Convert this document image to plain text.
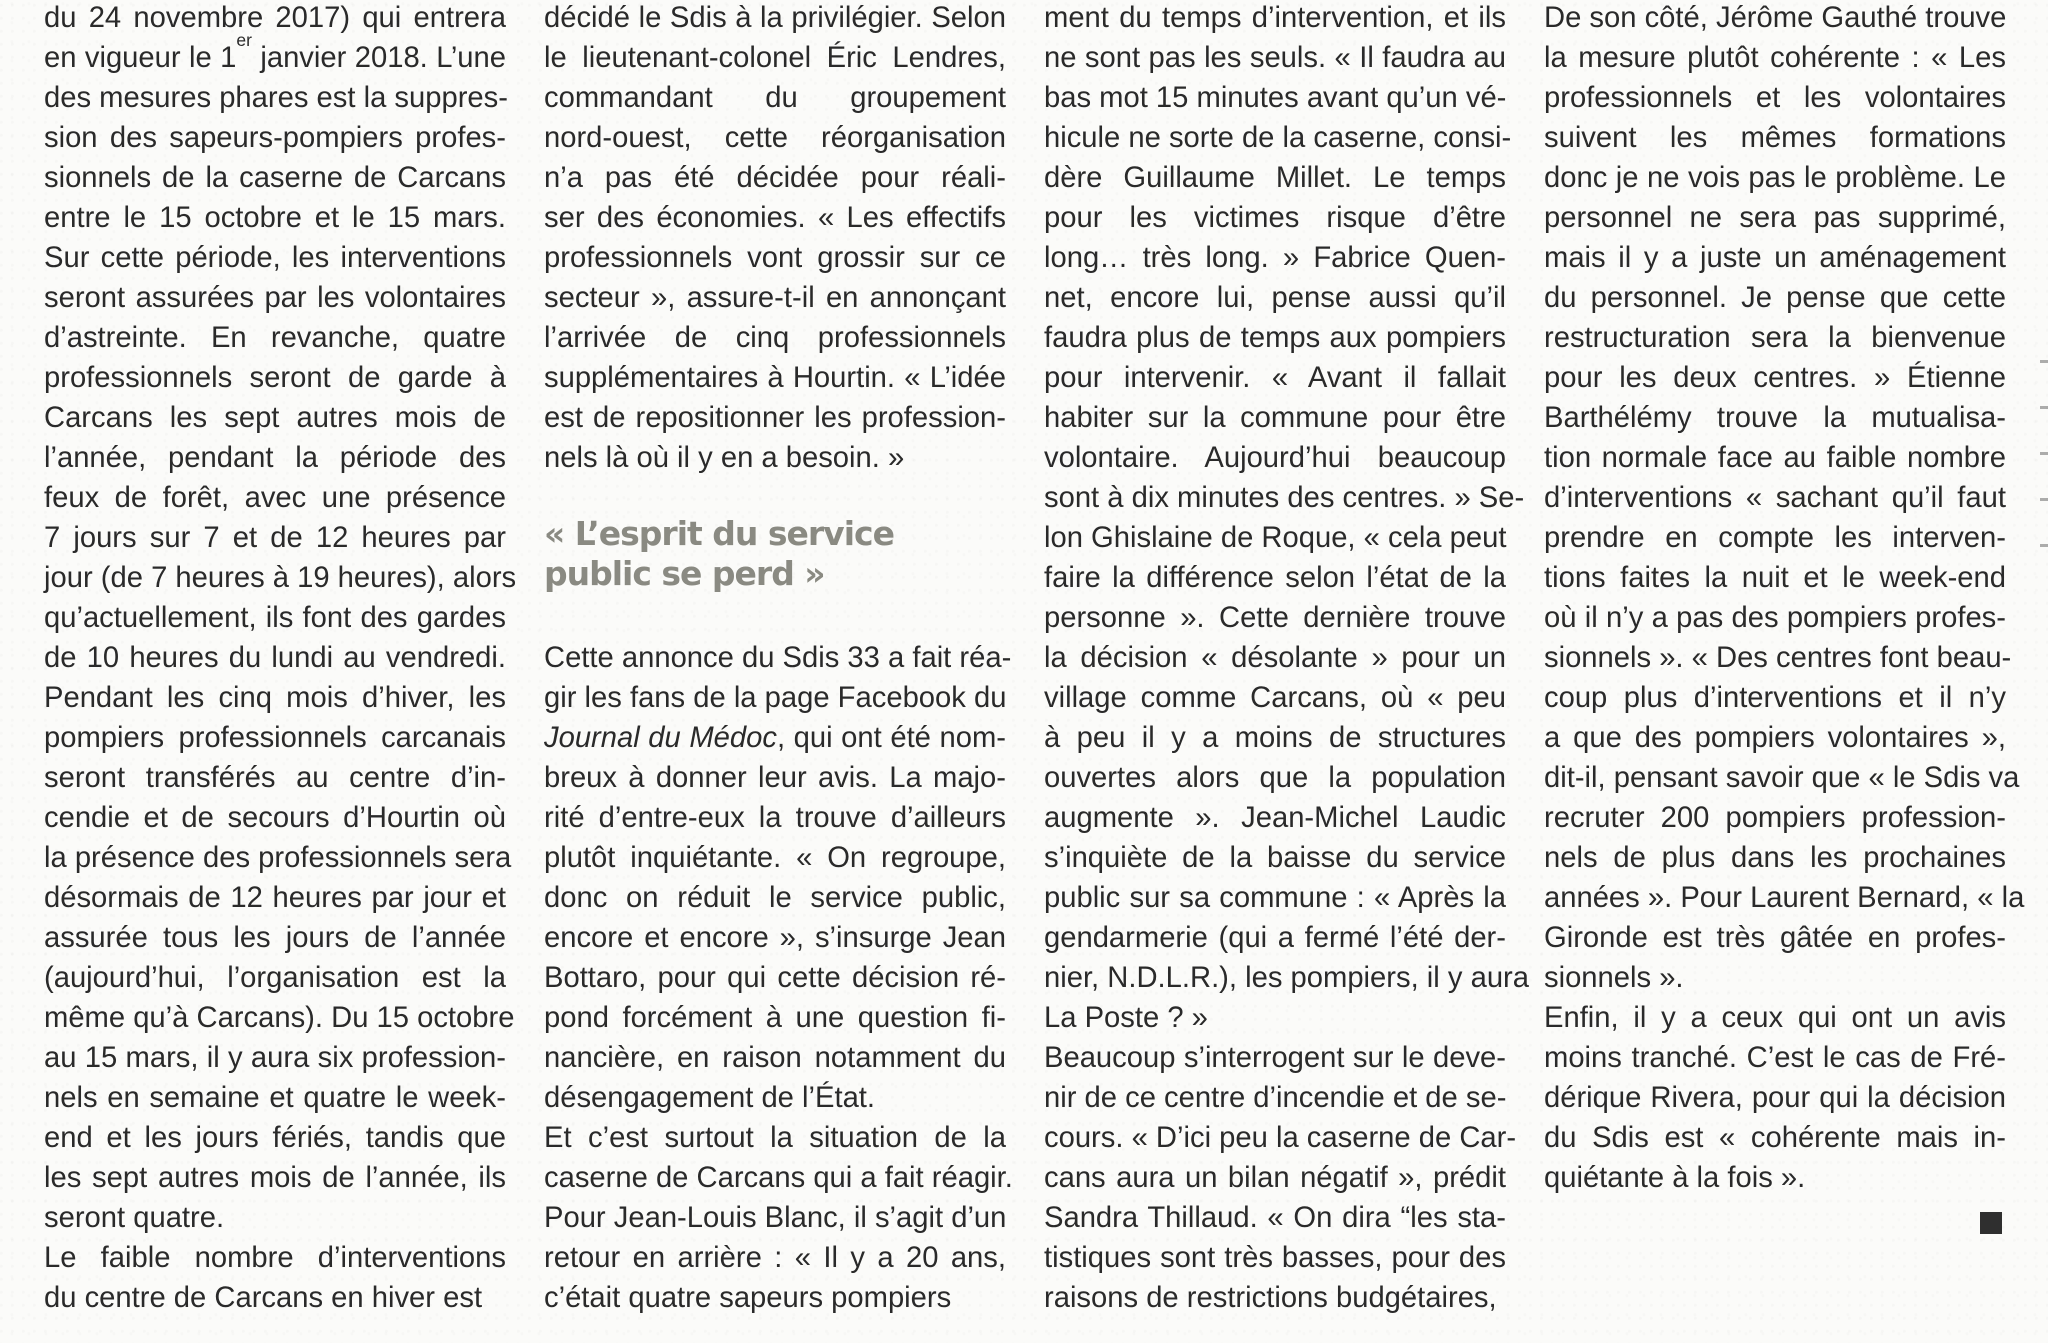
du 24 novembre 2017) qui entrera

en vigueur le 1er janvier 2018. L’une

des mesures phares est la suppres-

sion des sapeurs-pompiers profes-

sionnels de la caserne de Carcans

entre le 15 octobre et le 15 mars.

Sur cette période, les interventions

seront assurées par les volontaires

d’astreinte. En revanche, quatre

professionnels seront de garde à

Carcans les sept autres mois de

l’année, pendant la période des

feux de forêt, avec une présence

7 jours sur 7 et de 12 heures par

jour (de 7 heures à 19 heures), alors

qu’actuellement, ils font des gardes

de 10 heures du lundi au vendredi.

Pendant les cinq mois d’hiver, les

pompiers professionnels carcanais

seront transférés au centre d’in-

cendie et de secours d’Hourtin où

la présence des professionnels sera

désormais de 12 heures par jour et

assurée tous les jours de l’année

(aujourd’hui, l’organisation est la

même qu’à Carcans). Du 15 octobre

au 15 mars, il y aura six profession-

nels en semaine et quatre le week-

end et les jours fériés, tandis que

les sept autres mois de l’année, ils

seront quatre.

Le faible nombre d’interventions

du centre de Carcans en hiver est

décidé le Sdis à la privilégier. Selon

le lieutenant-colonel Éric Lendres,

commandant du groupement

nord-ouest, cette réorganisation

n’a pas été décidée pour réali-

ser des économies. « Les effectifs

professionnels vont grossir sur ce

secteur », assure-t-il en annonçant

l’arrivée de cinq professionnels

supplémentaires à Hourtin. « L’idée

est de repositionner les profession-

nels là où il y en a besoin. »

« L’esprit du service
public se perd »

Cette annonce du Sdis 33 a fait réa-

gir les fans de la page Facebook du

Journal du Médoc, qui ont été nom-

breux à donner leur avis. La majo-

rité d’entre-eux la trouve d’ailleurs

plutôt inquiétante. « On regroupe,

donc on réduit le service public,

encore et encore », s’insurge Jean

Bottaro, pour qui cette décision ré-

pond forcément à une question fi-

nancière, en raison notamment du

désengagement de l’État.

Et c’est surtout la situation de la

caserne de Carcans qui a fait réagir.

Pour Jean-Louis Blanc, il s’agit d’un

retour en arrière : « Il y a 20 ans,

c’était quatre sapeurs pompiers

ment du temps d’intervention, et ils

ne sont pas les seuls. « Il faudra au

bas mot 15 minutes avant qu’un vé-

hicule ne sorte de la caserne, consi-

dère Guillaume Millet. Le temps

pour les victimes risque d’être

long… très long. » Fabrice Quen-

net, encore lui, pense aussi qu’il

faudra plus de temps aux pompiers

pour intervenir. « Avant il fallait

habiter sur la commune pour être

volontaire. Aujourd’hui beaucoup

sont à dix minutes des centres. » Se-

lon Ghislaine de Roque, « cela peut

faire la différence selon l’état de la

personne ». Cette dernière trouve

la décision « désolante » pour un

village comme Carcans, où « peu

à peu il y a moins de structures

ouvertes alors que la population

augmente ». Jean-Michel Laudic

s’inquiète de la baisse du service

public sur sa commune : « Après la

gendarmerie (qui a fermé l’été der-

nier, N.D.L.R.), les pompiers, il y aura

La Poste ? »

Beaucoup s’interrogent sur le deve-

nir de ce centre d’incendie et de se-

cours. « D’ici peu la caserne de Car-

cans aura un bilan négatif », prédit

Sandra Thillaud. « On dira “les sta-

tistiques sont très basses, pour des

raisons de restrictions budgétaires,

De son côté, Jérôme Gauthé trouve

la mesure plutôt cohérente : « Les

professionnels et les volontaires

suivent les mêmes formations

donc je ne vois pas le problème. Le

personnel ne sera pas supprimé,

mais il y a juste un aménagement

du personnel. Je pense que cette

restructuration sera la bienvenue

pour les deux centres. » Étienne

Barthélémy trouve la mutualisa-

tion normale face au faible nombre

d’interventions « sachant qu’il faut

prendre en compte les interven-

tions faites la nuit et le week-end

où il n’y a pas des pompiers profes-

sionnels ». « Des centres font beau-

coup plus d’interventions et il n’y

a que des pompiers volontaires »,

dit-il, pensant savoir que « le Sdis va

recruter 200 pompiers profession-

nels de plus dans les prochaines

années ». Pour Laurent Bernard, « la

Gironde est très gâtée en profes-

sionnels ».

Enfin, il y a ceux qui ont un avis

moins tranché. C’est le cas de Fré-

dérique Rivera, pour qui la décision

du Sdis est « cohérente mais in-

quiétante à la fois ».
